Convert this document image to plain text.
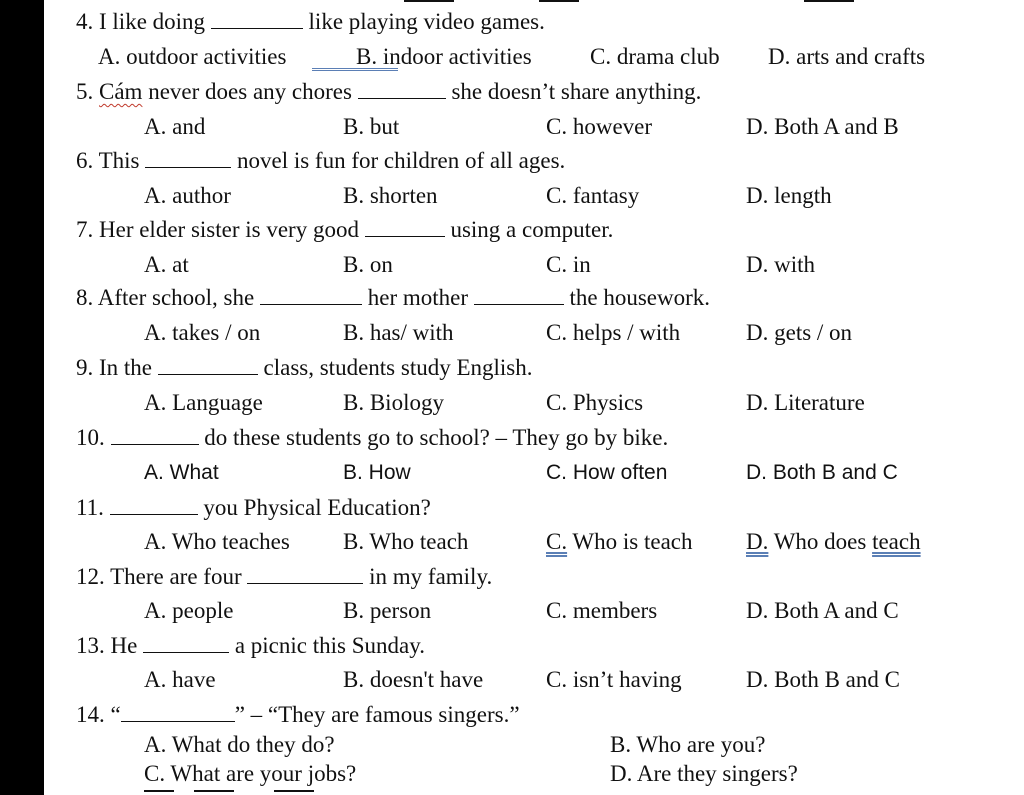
4. I like doing	like playing video games.
A. outdoor activities	B. indoor activities	C. drama club D. arts and crafts
5. Cám never does any chores	she doesn’t share anything.
A. and	B. but	C. however	D. Both A and B
6. This	novel is fun for children of all ages.
A. author	B. shorten	C. fantasy	D. length
7. Her elder sister is very good	using a computer.
A. at	B. on	C. in	D. with
8. After school, she	her mother	the housework.
A. takes / on	B. has/ with	C. helps / with	D. gets / on
9. In the	class, students study English.
A. Language	B. Biology	C. Physics	D. Literature
10.	do these students go to school? – They go by bike.
A. What	B. How	C. How often	D. Both B and C
11.	you Physical Education?
A. Who teaches B. Who teach	C. Who is teach D. Who does teach
12. There are four	in my family.
A. people	B. person	C. members	D. Both A and C
13. He	a picnic this Sunday.
A. have	B. doesn't have	C. isn’t having	D. Both B and C
14. “	” – “They are famous singers.”
A. What do they do?	B. Who are you?
C. What are your jobs?	D. Are they singers?
